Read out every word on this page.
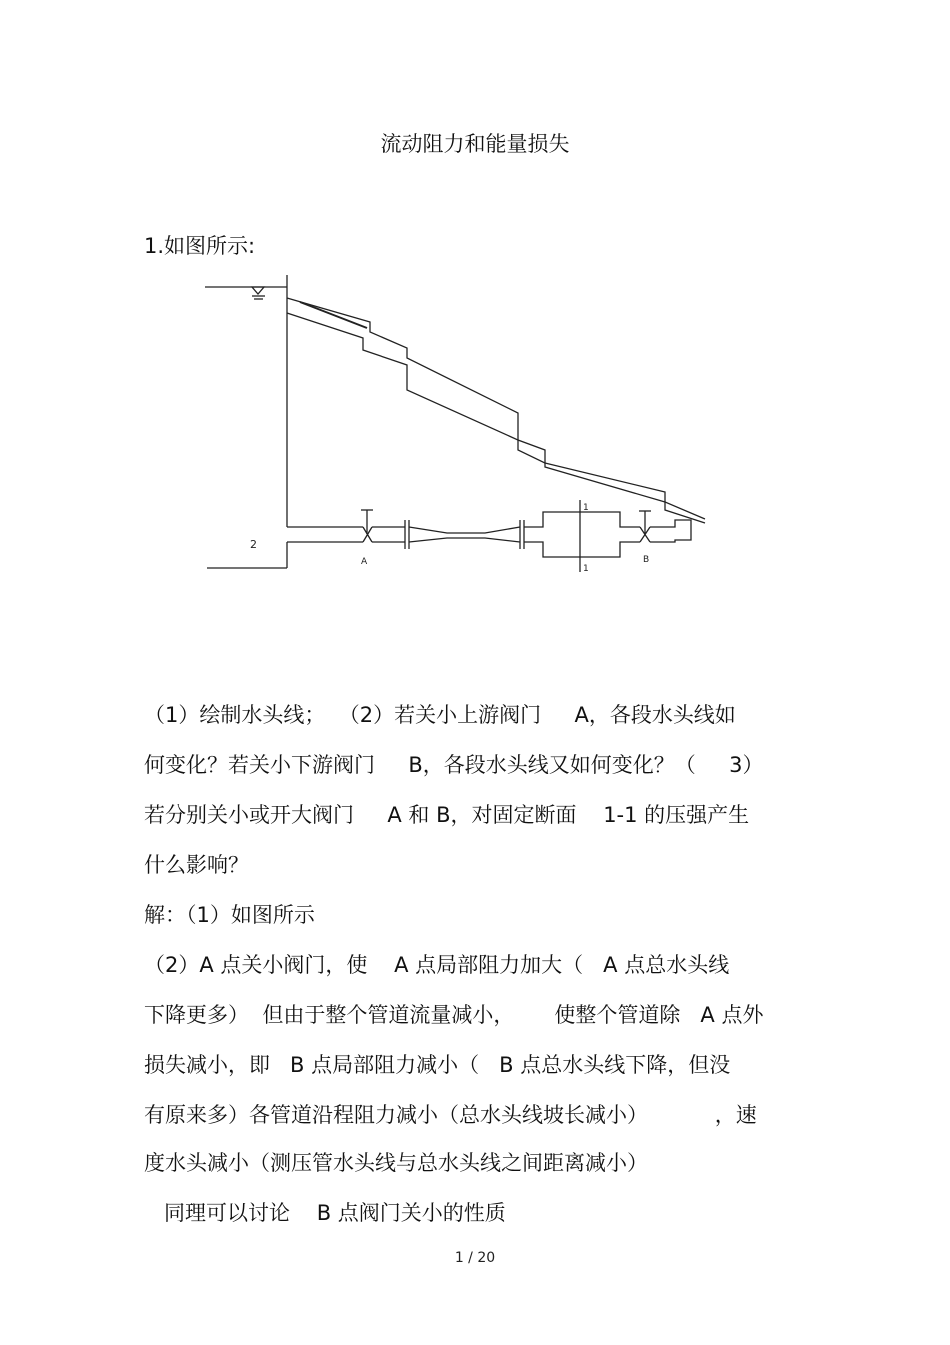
流动阻力和能量损失
1.如图所示:
2
A	B
1
1
（1）绘制水头线；  （2）若关小上游阀门     A，各段水头线如
何变化？若关小下游阀门     B，各段水头线又如何变化？（     3）
若分别关小或开大阀门     A 和 B，对固定断面    1-1 的压强产生
什么影响？
解：（1）如图所示
（2）A 点关小阀门，使    A 点局部阻力加大（   A 点总水头线
下降更多）  但由于整个管道流量减小，      使整个管道除   A 点外
损失减小，即   B 点局部阻力减小（   B 点总水头线下降，但没
有原来多）各管道沿程阻力减小（总水头线坡长减小）          ，速
度水头减小（测压管水头线与总水头线之间距离减小）
同理可以讨论    B 点阀门关小的性质
1 / 20
